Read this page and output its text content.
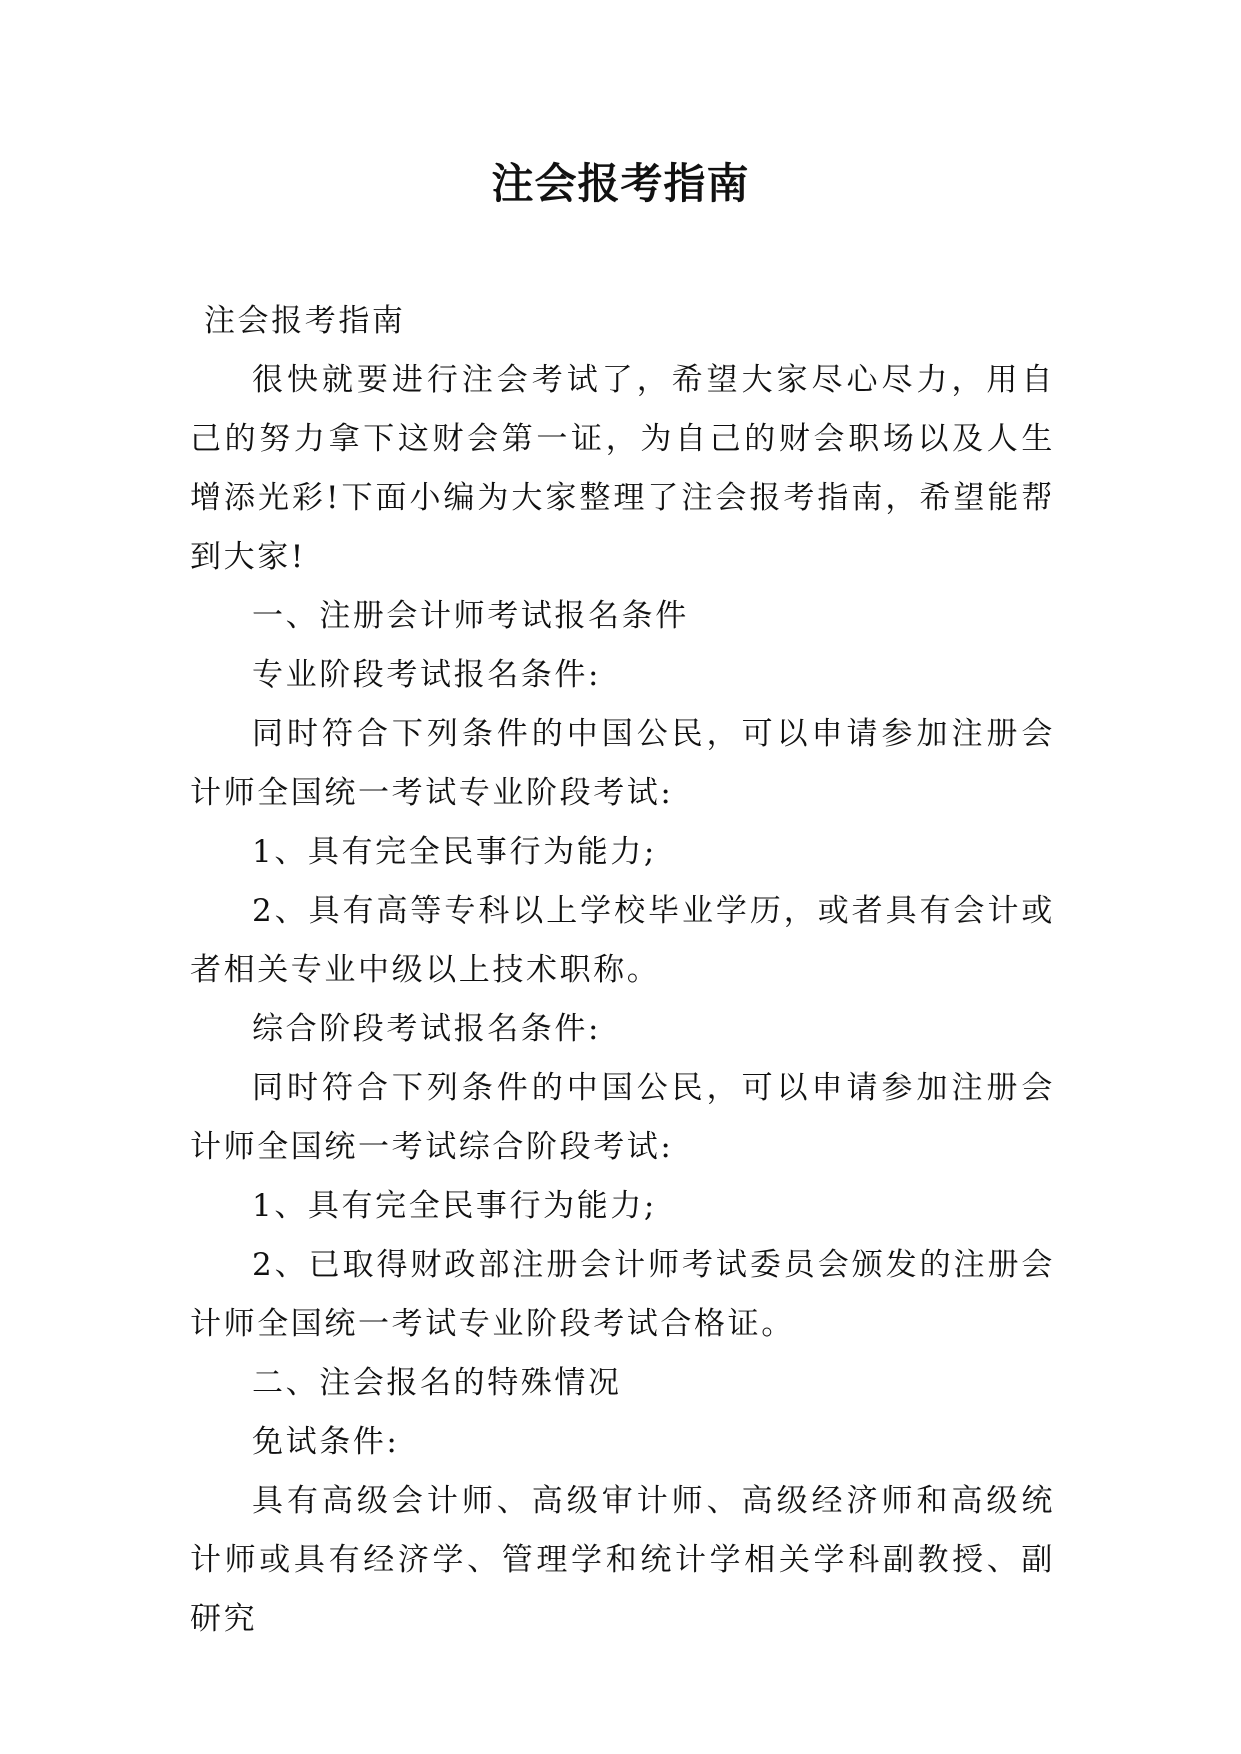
注会报考指南

注会报考指南

很快就要进行注会考试了，希望大家尽心尽力，用自己的努力拿下这财会第一证，为自己的财会职场以及人生增添光彩!下面小编为大家整理了注会报考指南，希望能帮到大家!

一、注册会计师考试报名条件

专业阶段考试报名条件:

同时符合下列条件的中国公民，可以申请参加注册会计师全国统一考试专业阶段考试:

1、具有完全民事行为能力;

2、具有高等专科以上学校毕业学历，或者具有会计或者相关专业中级以上技术职称。

综合阶段考试报名条件:

同时符合下列条件的中国公民，可以申请参加注册会计师全国统一考试综合阶段考试:

1、具有完全民事行为能力;

2、已取得财政部注册会计师考试委员会颁发的注册会计师全国统一考试专业阶段考试合格证。

二、注会报名的特殊情况

免试条件:

具有高级会计师、高级审计师、高级经济师和高级统计师或具有经济学、管理学和统计学相关学科副教授、副研究
